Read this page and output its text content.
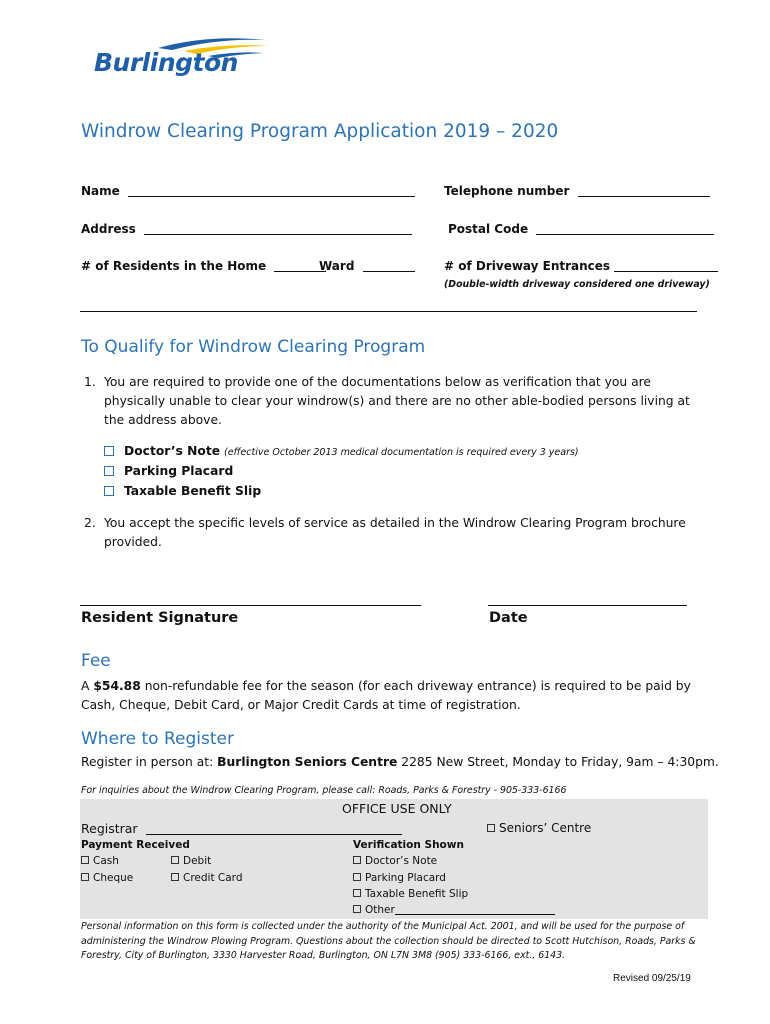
Burlington
Windrow Clearing Program Application 2019 – 2020
Name	Telephone number
Address	Postal Code
# of Residents in the Home	Ward	# of Driveway Entrances
(Double-width driveway considered one driveway)
To Qualify for Windrow Clearing Program
1. You are required to provide one of the documentations below as verification that you are physically unable to clear your windrow(s) and there are no other able-bodied persons living at the address above.
Doctor’s Note (effective October 2013 medical documentation is required every 3 years)
Parking Placard
Taxable Benefit Slip
2. You accept the specific levels of service as detailed in the Windrow Clearing Program brochure provided.
Resident Signature	Date
Fee
A $54.88 non-refundable fee for the season (for each driveway entrance) is required to be paid by Cash, Cheque, Debit Card, or Major Credit Cards at time of registration.
Where to Register
Register in person at: Burlington Seniors Centre 2285 New Street, Monday to Friday, 9am – 4:30pm.
For inquiries about the Windrow Clearing Program, please call: Roads, Parks & Forestry - 905-333-6166
OFFICE USE ONLY
Registrar	Seniors’ Centre
Payment Received
Cash	Debit
Cheque	Credit Card
Verification Shown
Doctor’s Note
Parking Placard
Taxable Benefit Slip
Other
Personal information on this form is collected under the authority of the Municipal Act. 2001, and will be used for the purpose of administering the Windrow Plowing Program. Questions about the collection should be directed to Scott Hutchison, Roads, Parks & Forestry, City of Burlington, 3330 Harvester Road, Burlington, ON L7N 3M8 (905) 333-6166, ext., 6143.
Revised 09/25/19
